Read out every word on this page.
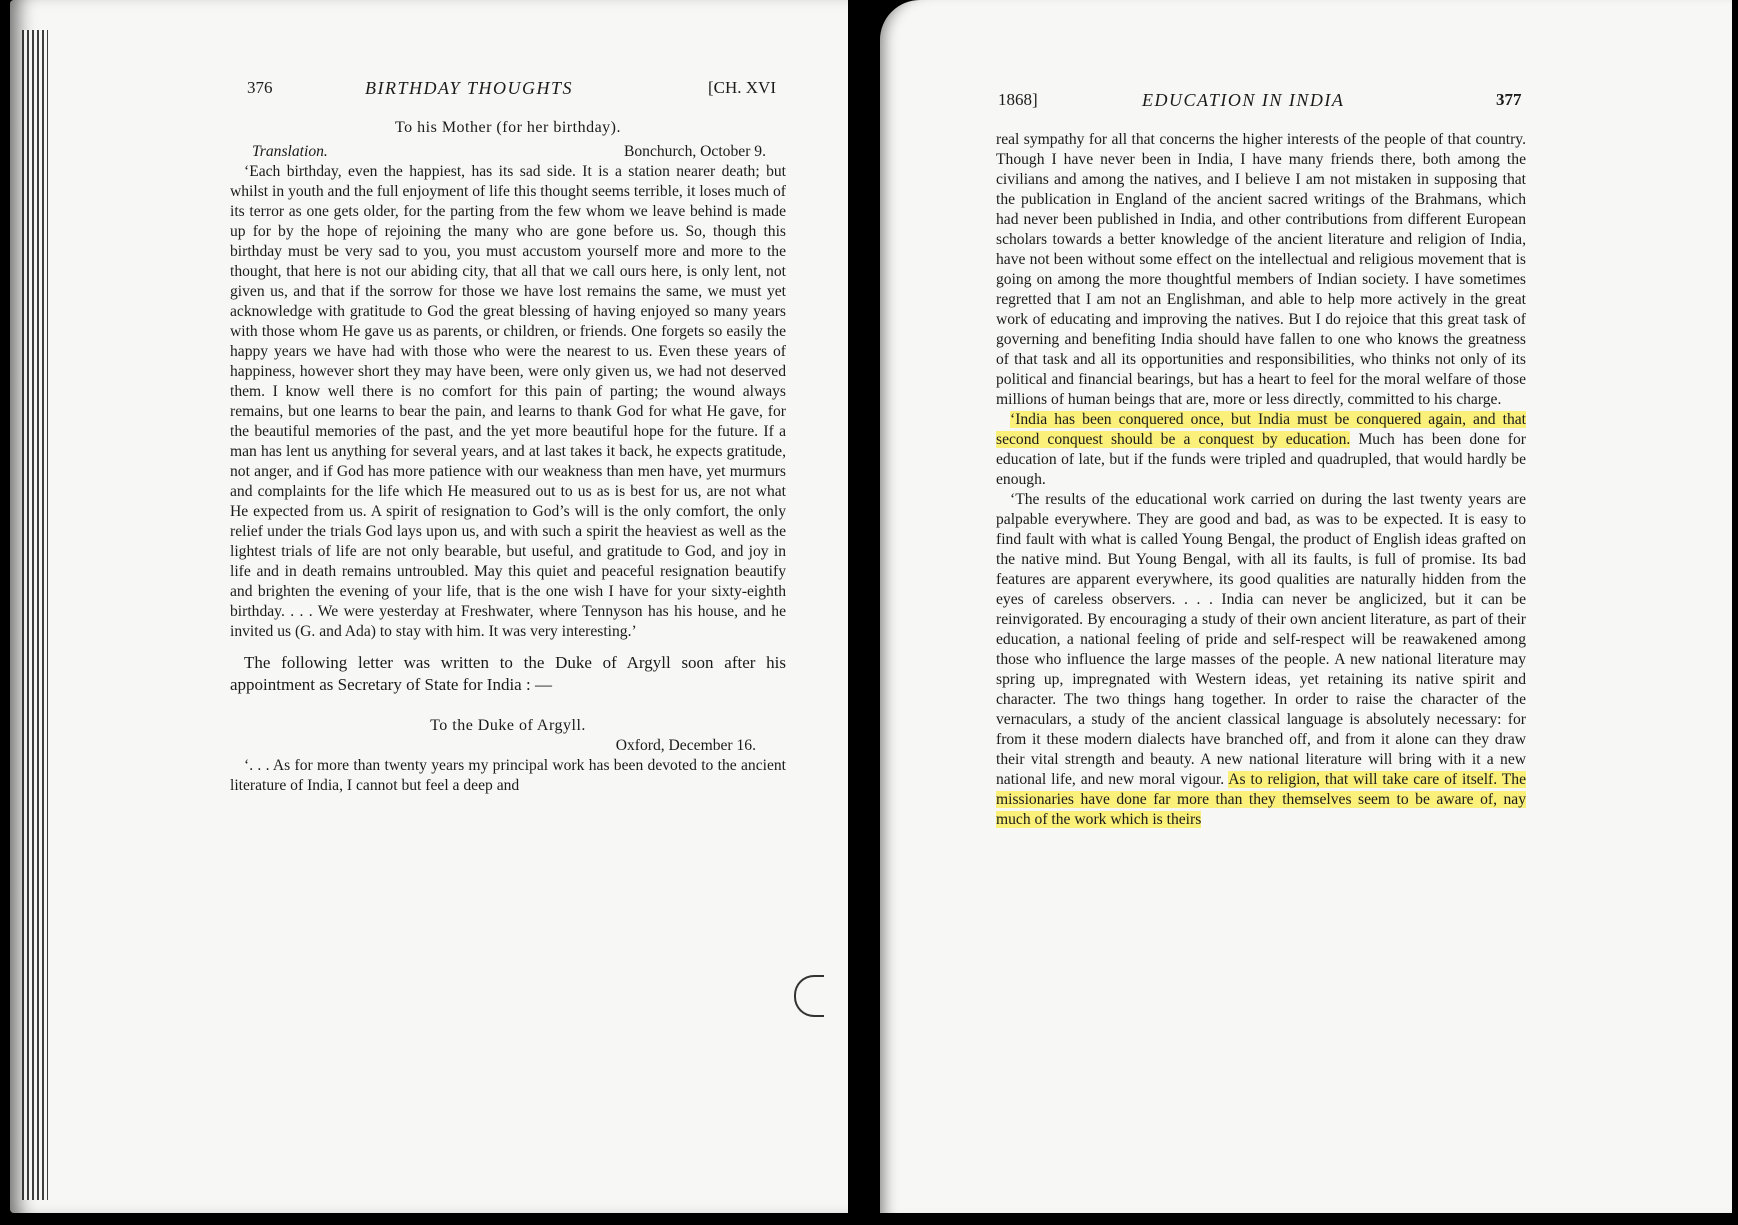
376	BIRTHDAY THOUGHTS	[CH. XVI
To his Mother (for her birthday).
Translation.	Bonchurch, October 9.

‘Each birthday, even the happiest, has its sad side. It is a station nearer death; but whilst in youth and the full enjoyment of life this thought seems terrible, it loses much of its terror as one gets older, for the parting from the few whom we leave behind is made up for by the hope of rejoining the many who are gone before us. So, though this birthday must be very sad to you, you must accustom yourself more and more to the thought, that here is not our abiding city, that all that we call ours here, is only lent, not given us, and that if the sorrow for those we have lost remains the same, we must yet acknowledge with gratitude to God the great blessing of having enjoyed so many years with those whom He gave us as parents, or children, or friends. One forgets so easily the happy years we have had with those who were the nearest to us. Even these years of happiness, however short they may have been, were only given us, we had not deserved them. I know well there is no comfort for this pain of parting; the wound always remains, but one learns to bear the pain, and learns to thank God for what He gave, for the beautiful memories of the past, and the yet more beautiful hope for the future. If a man has lent us anything for several years, and at last takes it back, he expects gratitude, not anger, and if God has more patience with our weakness than men have, yet murmurs and complaints for the life which He measured out to us as is best for us, are not what He expected from us. A spirit of resignation to God’s will is the only comfort, the only relief under the trials God lays upon us, and with such a spirit the heaviest as well as the lightest trials of life are not only bearable, but useful, and gratitude to God, and joy in life and in death remains untroubled. May this quiet and peaceful resignation beautify and brighten the evening of your life, that is the one wish I have for your sixty-eighth birthday. . . . We were yesterday at Freshwater, where Tennyson has his house, and he invited us (G. and Ada) to stay with him. It was very interesting.’

The following letter was written to the Duke of Argyll soon after his appointment as Secretary of State for India : —

To the Duke of Argyll.
Oxford, December 16.

‘. . . As for more than twenty years my principal work has been devoted to the ancient literature of India, I cannot but feel a deep and

1868]	EDUCATION IN INDIA	377

real sympathy for all that concerns the higher interests of the people of that country. Though I have never been in India, I have many friends there, both among the civilians and among the natives, and I believe I am not mistaken in supposing that the publication in England of the ancient sacred writings of the Brahmans, which had never been published in India, and other contributions from different European scholars towards a better knowledge of the ancient literature and religion of India, have not been without some effect on the intellectual and religious movement that is going on among the more thoughtful members of Indian society. I have sometimes regretted that I am not an Englishman, and able to help more actively in the great work of educating and improving the natives. But I do rejoice that this great task of governing and benefiting India should have fallen to one who knows the greatness of that task and all its opportunities and responsibilities, who thinks not only of its political and financial bearings, but has a heart to feel for the moral welfare of those millions of human beings that are, more or less directly, committed to his charge.

‘India has been conquered once, but India must be conquered again, and that second conquest should be a conquest by education. Much has been done for education of late, but if the funds were tripled and quadrupled, that would hardly be enough.

‘The results of the educational work carried on during the last twenty years are palpable everywhere. They are good and bad, as was to be expected. It is easy to find fault with what is called Young Bengal, the product of English ideas grafted on the native mind. But Young Bengal, with all its faults, is full of promise. Its bad features are apparent everywhere, its good qualities are naturally hidden from the eyes of careless observers. . . . India can never be anglicized, but it can be reinvigorated. By encouraging a study of their own ancient literature, as part of their education, a national feeling of pride and self-respect will be reawakened among those who influence the large masses of the people. A new national literature may spring up, impregnated with Western ideas, yet retaining its native spirit and character. The two things hang together. In order to raise the character of the vernaculars, a study of the ancient classical language is absolutely necessary: for from it these modern dialects have branched off, and from it alone can they draw their vital strength and beauty. A new national literature will bring with it a new national life, and new moral vigour. As to religion, that will take care of itself. The missionaries have done far more than they themselves seem to be aware of, nay much of the work which is theirs
